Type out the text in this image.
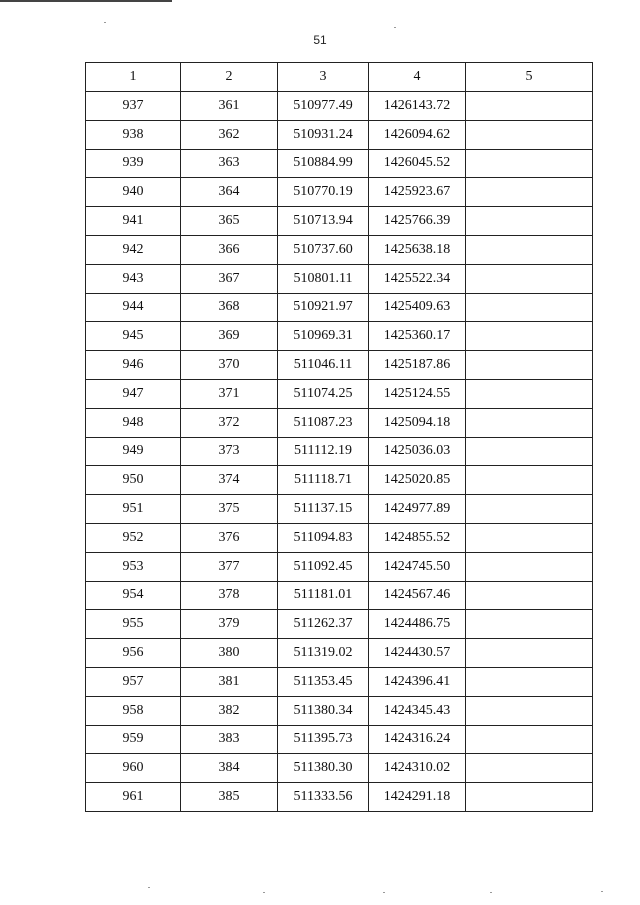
51
1	2	3	4	5
937	361	510977.49	1426143.72	
938	362	510931.24	1426094.62	
939	363	510884.99	1426045.52	
940	364	510770.19	1425923.67	
941	365	510713.94	1425766.39	
942	366	510737.60	1425638.18	
943	367	510801.11	1425522.34	
944	368	510921.97	1425409.63	
945	369	510969.31	1425360.17	
946	370	511046.11	1425187.86	
947	371	511074.25	1425124.55	
948	372	511087.23	1425094.18	
949	373	511112.19	1425036.03	
950	374	511118.71	1425020.85	
951	375	511137.15	1424977.89	
952	376	511094.83	1424855.52	
953	377	511092.45	1424745.50	
954	378	511181.01	1424567.46	
955	379	511262.37	1424486.75	
956	380	511319.02	1424430.57	
957	381	511353.45	1424396.41	
958	382	511380.34	1424345.43	
959	383	511395.73	1424316.24	
960	384	511380.30	1424310.02	
961	385	511333.56	1424291.18	
